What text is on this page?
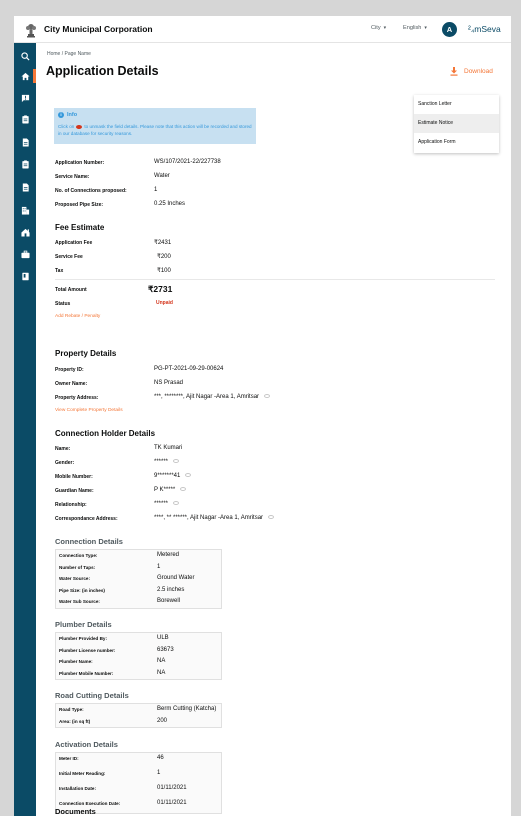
City Municipal Corporation	City ▾	English ▾	A	²₄mSeva
Home / Page Name
Application Details	Download
Sanction Letter
Estimate Notice
Application Form
i Info
Click on to unmask the field details. Please note that this action will be recorded and stored in our database for security reasons.
Application Number:	WS/107/2021-22/227738
Service Name:	Water
No. of Connections proposed:	1
Proposed Pipe Size:	0.25 Inches
Fee Estimate
Application Fee	₹2431
Service Fee	₹200
Tax	₹100
Total Amount	₹2731
Status	Unpaid
Add Rebate / Penalty
Property Details
Property ID:	PG-PT-2021-09-29-00624
Owner Name:	NS Prasad
Property Address:	***, ********, Ajit Nagar -Area 1, Amritsar
View Complete Property Details
Connection Holder Details
Name:	TK Kumari
Gender:	******
Mobile Number:	9*******41
Guardian Name:	P K*****
Relationship:	******
Correspondance Address:	****, ** ******, Ajit Nagar -Area 1, Amritsar
Connection Details
Connection Type:	Metered
Number of Taps:	1
Water Source:	Ground Water
Pipe Size: (in inches)	2.5 inches
Water Sub Source:	Borewell
Plumber Details
Plumber Provided By:	ULB
Plumber License number:	63673
Plumber Name:	NA
Plumber Mobile Number:	NA
Road Cutting Details
Road Type:	Berm Cutting (Katcha)
Area: (in sq ft)	200
Activation Details
Meter ID:	46
Initial Meter Reading:	1
Installation Date:	01/11/2021
Connection Execution Date:	01/11/2021
Documents
